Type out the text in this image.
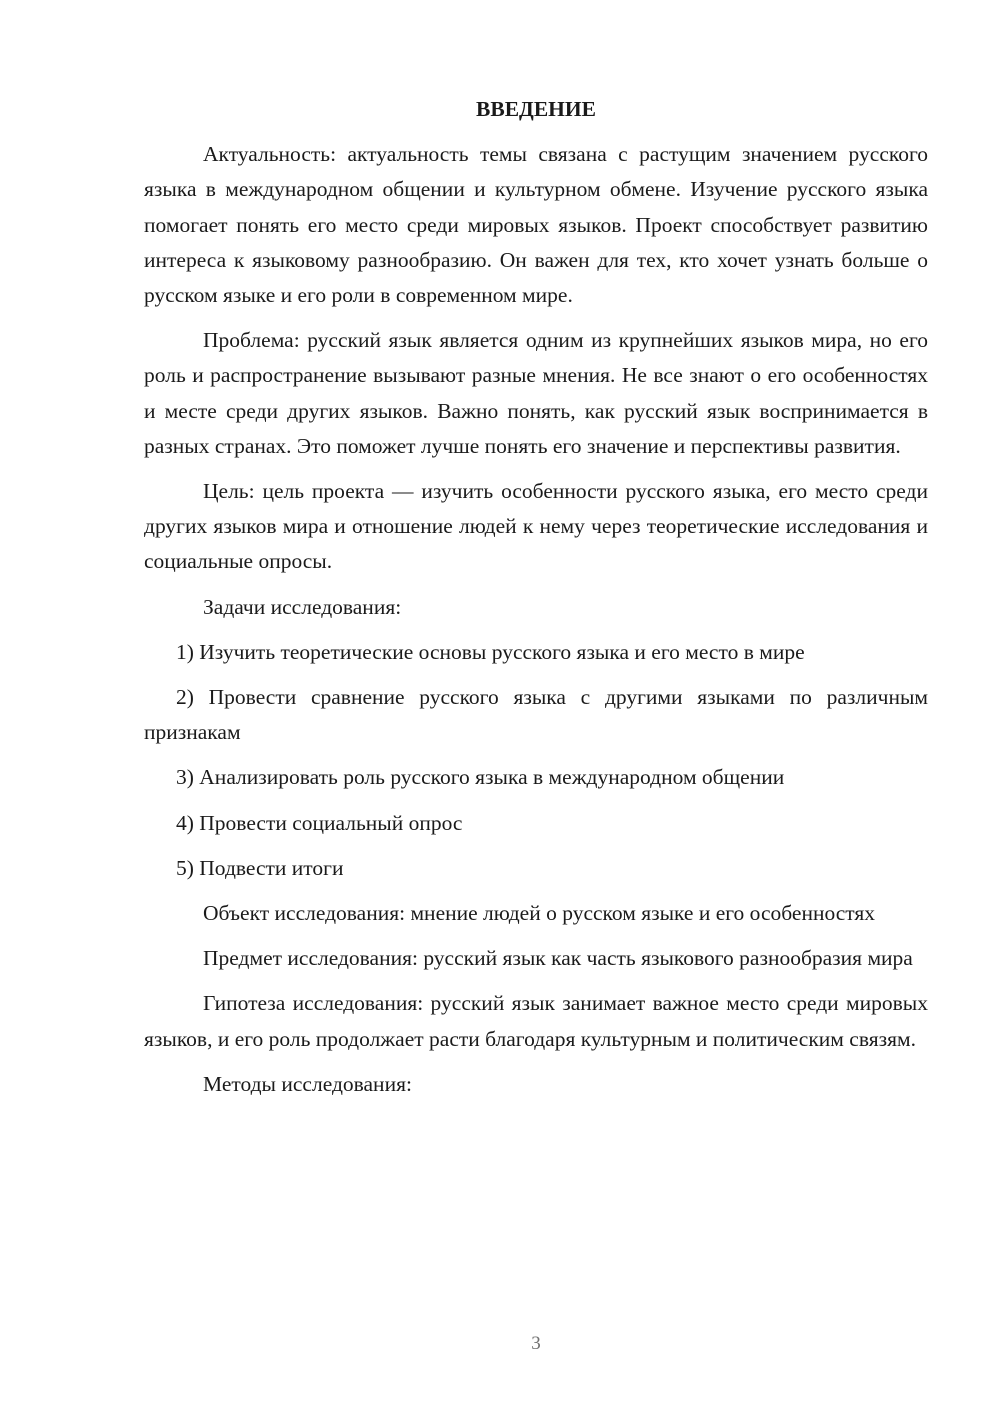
ВВЕДЕНИЕ

Актуальность: актуальность темы связана с растущим значением русского языка в международном общении и культурном обмене. Изучение русского языка помогает понять его место среди мировых языков. Проект способствует развитию интереса к языковому разнообразию. Он важен для тех, кто хочет узнать больше о русском языке и его роли в современном мире.

Проблема: русский язык является одним из крупнейших языков мира, но его роль и распространение вызывают разные мнения. Не все знают о его особенностях и месте среди других языков. Важно понять, как русский язык воспринимается в разных странах. Это поможет лучше понять его значение и перспективы развития.

Цель: цель проекта — изучить особенности русского языка, его место среди других языков мира и отношение людей к нему через теоретические исследования и социальные опросы.

Задачи исследования:

1) Изучить теоретические основы русского языка и его место в мире

2) Провести сравнение русского языка с другими языками по различным признакам

3) Анализировать роль русского языка в международном общении

4) Провести социальный опрос

5) Подвести итоги

Объект исследования: мнение людей о русском языке и его особенностях

Предмет исследования: русский язык как часть языкового разнообразия мира

Гипотеза исследования: русский язык занимает важное место среди мировых языков, и его роль продолжает расти благодаря культурным и политическим связям.

Методы исследования:

3
